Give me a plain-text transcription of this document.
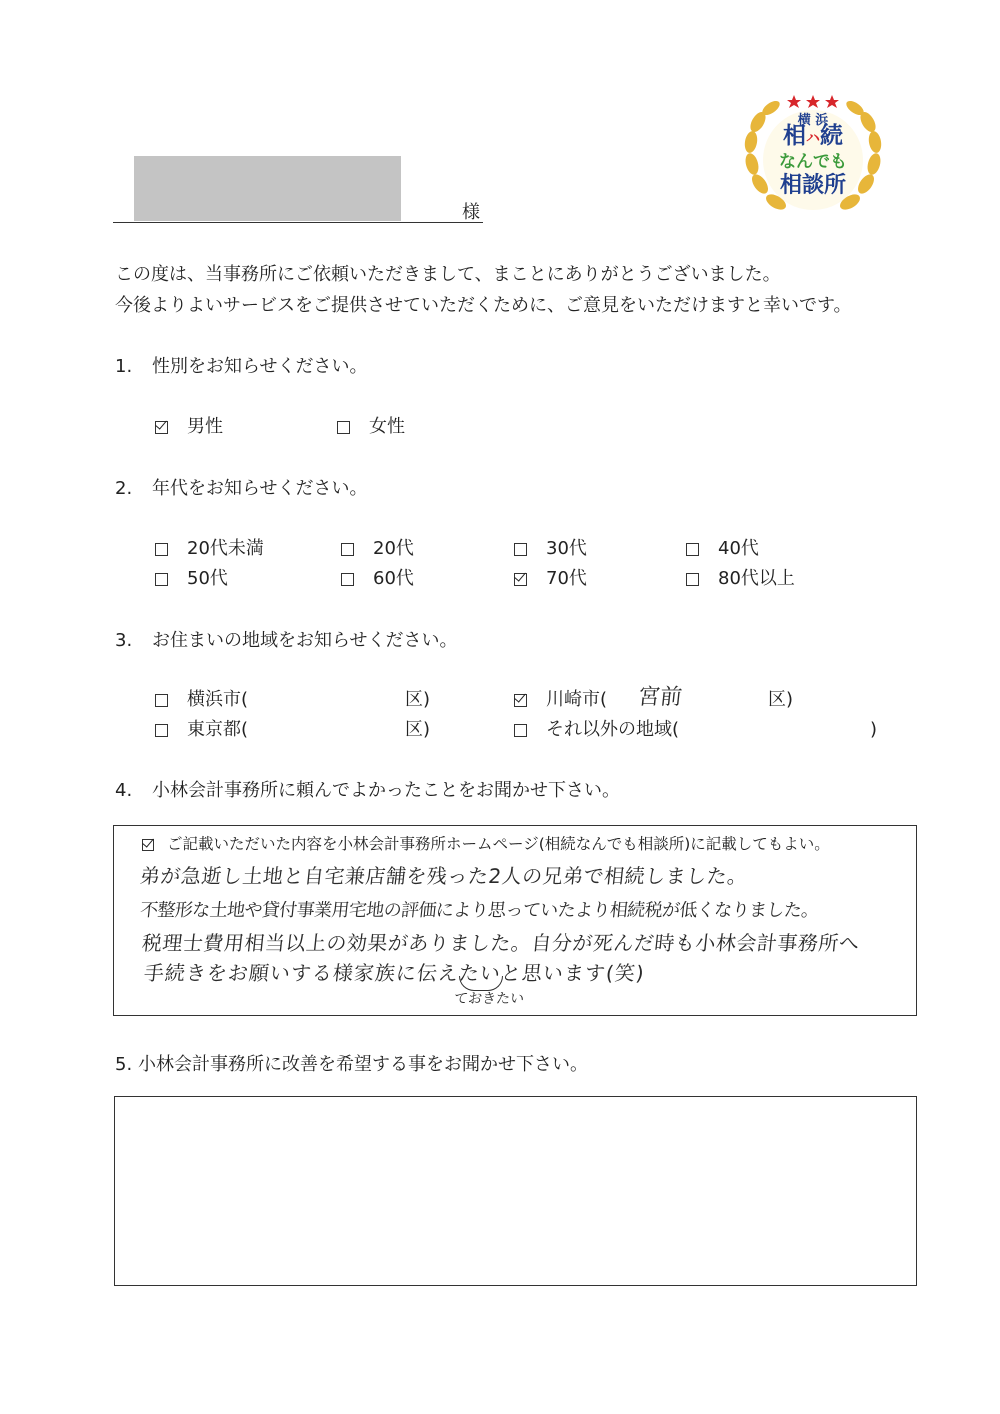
横 浜
相ハ続
なんでも
相談所
様
この度は、当事務所にご依頼いただきまして、まことにありがとうございました。
今後よりよいサービスをご提供させていただくために、ご意見をいただけますと幸いです。
1. 性別をお知らせください。
男性	女性
2. 年代をお知らせください。
20代未満	20代	30代	40代
50代	60代	70代	80代以上
3. お住まいの地域をお知らせください。
横浜市(	区)	川崎市( 宮前	区)
東京都(	区)	それ以外の地域(	)
4. 小林会計事務所に頼んでよかったことをお聞かせ下さい。
ご記載いただいた内容を小林会計事務所ホームページ(相続なんでも相談所)に記載してもよい。
弟が急逝し土地と自宅兼店舗を残った2人の兄弟で相続しました。
不整形な土地や貸付事業用宅地の評価により思っていたより相続税が低くなりました。
税理士費用相当以上の効果がありました。自分が死んだ時も小林会計事務所へ
手続きをお願いする様家族に伝えたいと思います(笑)
ておきたい
5. 小林会計事務所に改善を希望する事をお聞かせ下さい。
